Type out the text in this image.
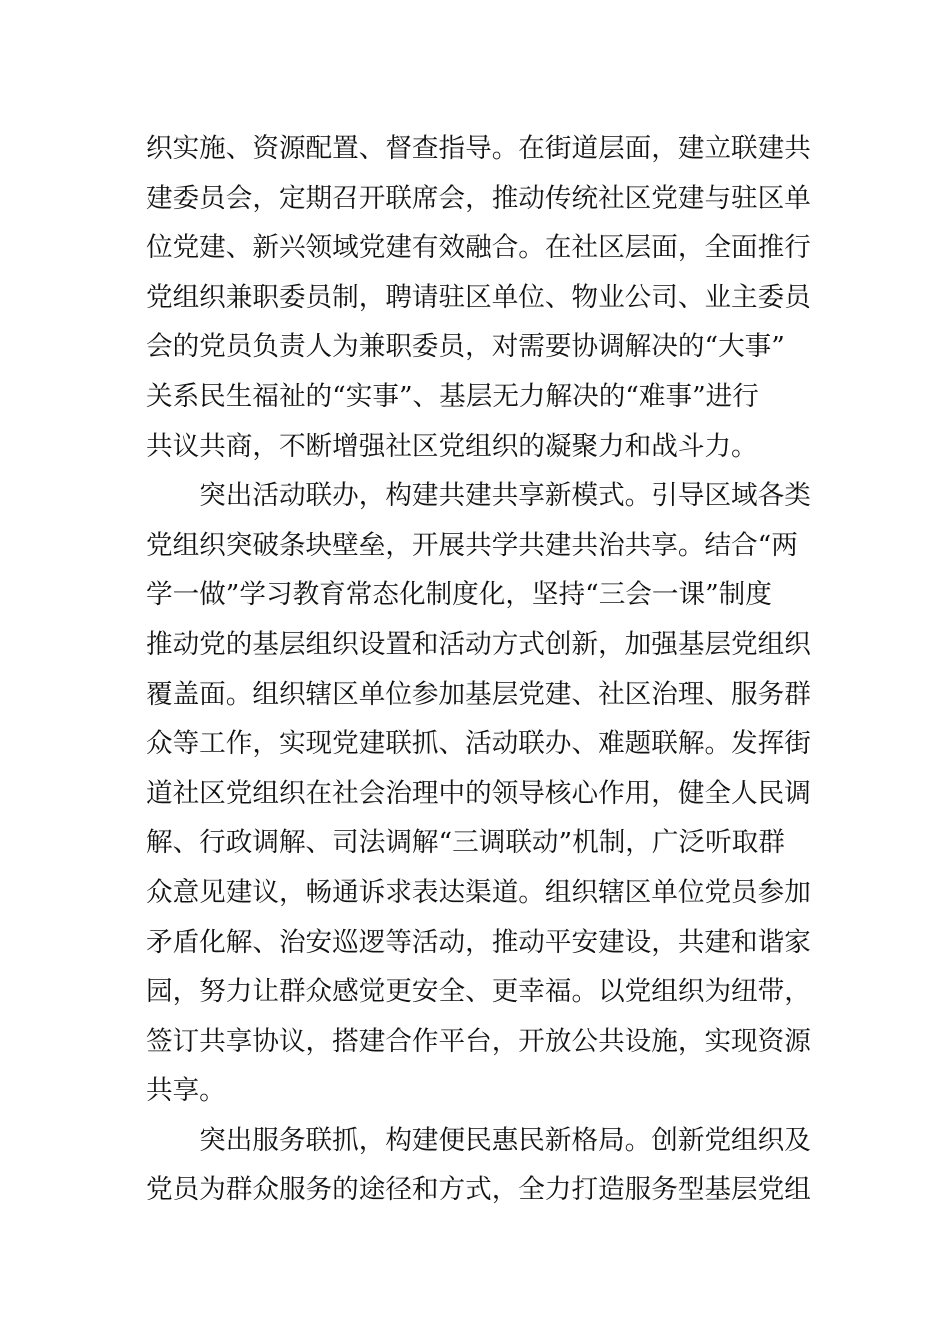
织实施、资源配置、督查指导。在街道层面，建立联建共
建委员会，定期召开联席会，推动传统社区党建与驻区单
位党建、新兴领域党建有效融合。在社区层面，全面推行
党组织兼职委员制，聘请驻区单位、物业公司、业主委员
会的党员负责人为兼职委员，对需要协调解决的“大事”
关系民生福祉的“实事”、基层无力解决的“难事”进行
共议共商，不断增强社区党组织的凝聚力和战斗力。
　　突出活动联办，构建共建共享新模式。引导区域各类
党组织突破条块壁垒，开展共学共建共治共享。结合“两
学一做”学习教育常态化制度化，坚持“三会一课”制度
推动党的基层组织设置和活动方式创新，加强基层党组织
覆盖面。组织辖区单位参加基层党建、社区治理、服务群
众等工作，实现党建联抓、活动联办、难题联解。发挥街
道社区党组织在社会治理中的领导核心作用，健全人民调
解、行政调解、司法调解“三调联动”机制，广泛听取群
众意见建议，畅通诉求表达渠道。组织辖区单位党员参加
矛盾化解、治安巡逻等活动，推动平安建设，共建和谐家
园，努力让群众感觉更安全、更幸福。以党组织为纽带，
签订共享协议，搭建合作平台，开放公共设施，实现资源
共享。
　　突出服务联抓，构建便民惠民新格局。创新党组织及
党员为群众服务的途径和方式，全力打造服务型基层党组
